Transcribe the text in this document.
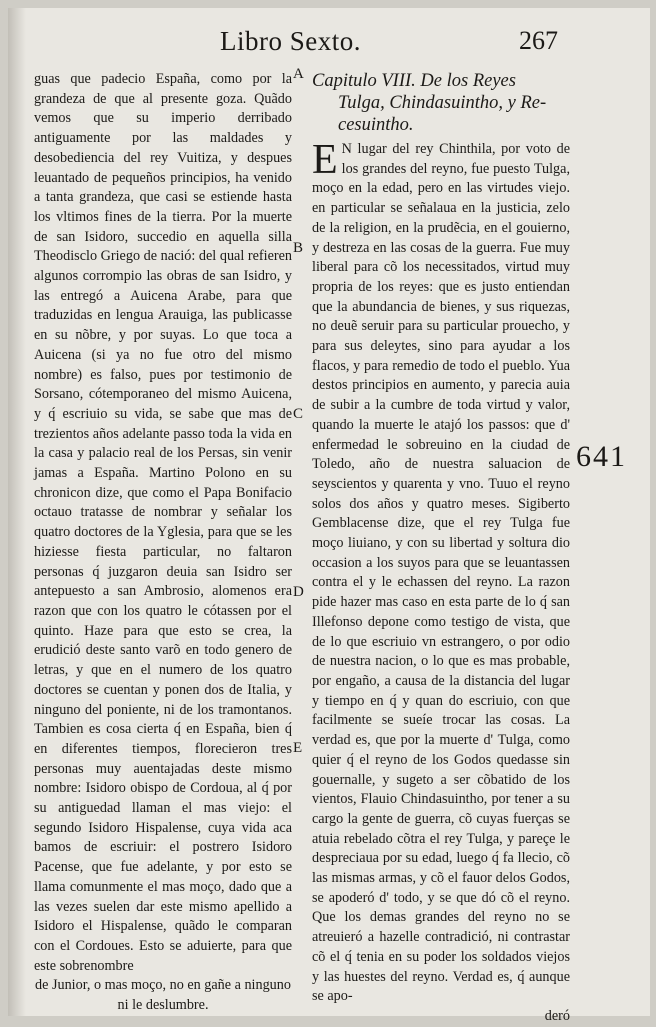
Libro Sexto.	267

guas que padecio España, como por la grandeza de que al presente goza. Quãdo vemos que su imperio derribado antiguamente por las maldades y desobediencia del rey Vuitiza, y despues leuantado de pequeños principios, ha venido a tanta grandeza, que casi se estiende hasta los vltimos fines de la tierra. Por la muerte de san Isidoro, succedio en aquella silla Theodisclo Griego de nació: del qual refieren algunos corrompio las obras de san Isidro, y las entregó a Auicena Arabe, para que traduzidas en lengua Arauiga, las publicasse en su nõbre, y por suyas. Lo que toca a Auicena (si ya no fue otro del mismo nombre) es falso, pues por testimonio de Sorsano, cótemporaneo del mismo Auicena, y q́ escriuio su vida, se sabe que mas de trezientos años adelante passo toda la vida en la casa y palacio real de los Persas, sin venir jamas a España. Martino Polono en su chronicon dize, que como el Papa Bonifacio octauo tratasse de nombrar y señalar los quatro doctores de la Yglesia, para que se les hiziesse fiesta particular, no faltaron personas q́ juzgaron deuia san Isidro ser antepuesto a san Ambrosio, alomenos era razon que con los quatro le cótassen por el quinto. Haze para que esto se crea, la erudició deste santo varõ en todo genero de letras, y que en el numero de los quatro doctores se cuentan y ponen dos de Italia, y ninguno del poniente, ni de los tramontanos. Tambien es cosa cierta q́ en España, bien q́ en diferentes tiempos, florecieron tres personas muy auentajadas deste mismo nombre: Isidoro obispo de Cordoua, al q́ por su antiguedad llaman el mas viejo: el segundo Isidoro Hispalense, cuya vida aca bamos de escriuir: el postrero Isidoro Pacense, que fue adelante, y por esto se llama comunmente el mas moço, dado que a las vezes suelen dar este mismo apellido a Isidoro el Hispalense, quãdo le comparan con el Cordoues. Esto se aduierte, para que este sobrenombre

de Junior, o mas moço, no en gañe a ninguno ni le deslumbre.

A
B
C
D
E
Capitulo VIII. De los Reyes
Tulga, Chindasuintho, y Re-
cesuintho.

E N lugar del rey Chinthila, por voto de los grandes del reyno, fue puesto Tulga, moço en la edad, pero en las virtudes viejo. en particular se señalaua en la justicia, zelo de la religion, en la prudẽcia, en el gouierno, y destreza en las cosas de la guerra. Fue muy liberal para cõ los necessitados, virtud muy propria de los reyes: que es justo entiendan que la abundancia de bienes, y sus riquezas, no deuẽ seruir para su particular prouecho, y para sus deleytes, sino para ayudar a los flacos, y para remedio de todo el pueblo. Yua destos principios en aumento, y parecia auia de subir a la cumbre de toda virtud y valor, quando la muerte le atajó los passos: que d' enfermedad le sobreuino en la ciudad de Toledo, año de nuestra saluacion de seyscientos y quarenta y vno. Tuuo el reyno solos dos años y quatro meses. Sigiberto Gemblacense dize, que el rey Tulga fue moço liuiano, y con su libertad y soltura dio occasion a los suyos para que se leuantassen contra el y le echassen del reyno. La razon pide hazer mas caso en esta parte de lo q́ san Illefonso depone como testigo de vista, que de lo que escriuio vn estrangero, o por odio de nuestra nacion, o lo que es mas probable, por engaño, a causa de la distancia del lugar y tiempo en q́ y quan do escriuio, con que facilmente se sueíe trocar las cosas. La verdad es, que por la muerte d' Tulga, como quier q́ el reyno de los Godos quedasse sin gouernalle, y sugeto a ser cõbatido de los vientos, Flauio Chindasuintho, por tener a su cargo la gente de guerra, cõ cuyas fuerças se atuia rebelado cõtra el rey Tulga, y pareçe le despreciaua por su edad, luego q́ fa llecio, cõ las mismas armas, y cõ el fauor delos Godos, se apoderó d' todo, y se que dó cõ el reyno. Que los demas grandes del reyno no se atreuieró a hazelle contradició, ni contrastar cõ el q́ tenia en su poder los soldados viejos y las huestes del reyno. Verdad es, q́ aunque se apo-

deró

641
